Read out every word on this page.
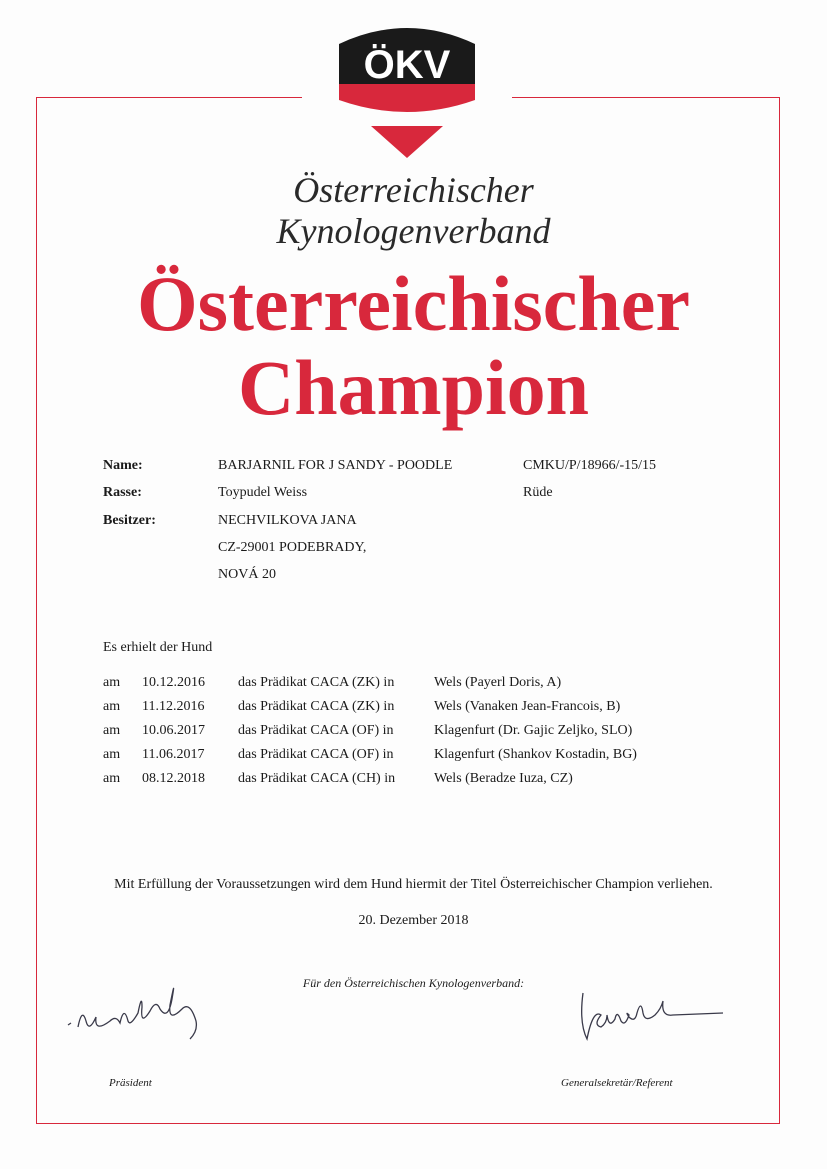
ÖKV
Österreichischer
Kynologenverband
Österreichischer
Champion
Name:	BARJARNIL FOR J SANDY - POODLE	CMKU/P/18966/-15/15
Rasse:	Toypudel Weiss	Rüde
Besitzer:	NECHVILKOVA JANA
CZ-29001 PODEBRADY,
NOVÁ 20
Es erhielt der Hund
am 10.12.2016 das Prädikat CACA (ZK) in	Wels (Payerl Doris, A)
am 11.12.2016 das Prädikat CACA (ZK) in	Wels (Vanaken Jean-Francois, B)
am 10.06.2017 das Prädikat CACA (OF) in	Klagenfurt (Dr. Gajic Zeljko, SLO)
am 11.06.2017 das Prädikat CACA (OF) in	Klagenfurt (Shankov Kostadin, BG)
am 08.12.2018 das Prädikat CACA (CH) in	Wels (Beradze Iuza, CZ)
Mit Erfüllung der Voraussetzungen wird dem Hund hiermit der Titel Österreichischer Champion verliehen.
20. Dezember 2018
Für den Österreichischen Kynologenverband:
Präsident	Generalsekretär/Referent
